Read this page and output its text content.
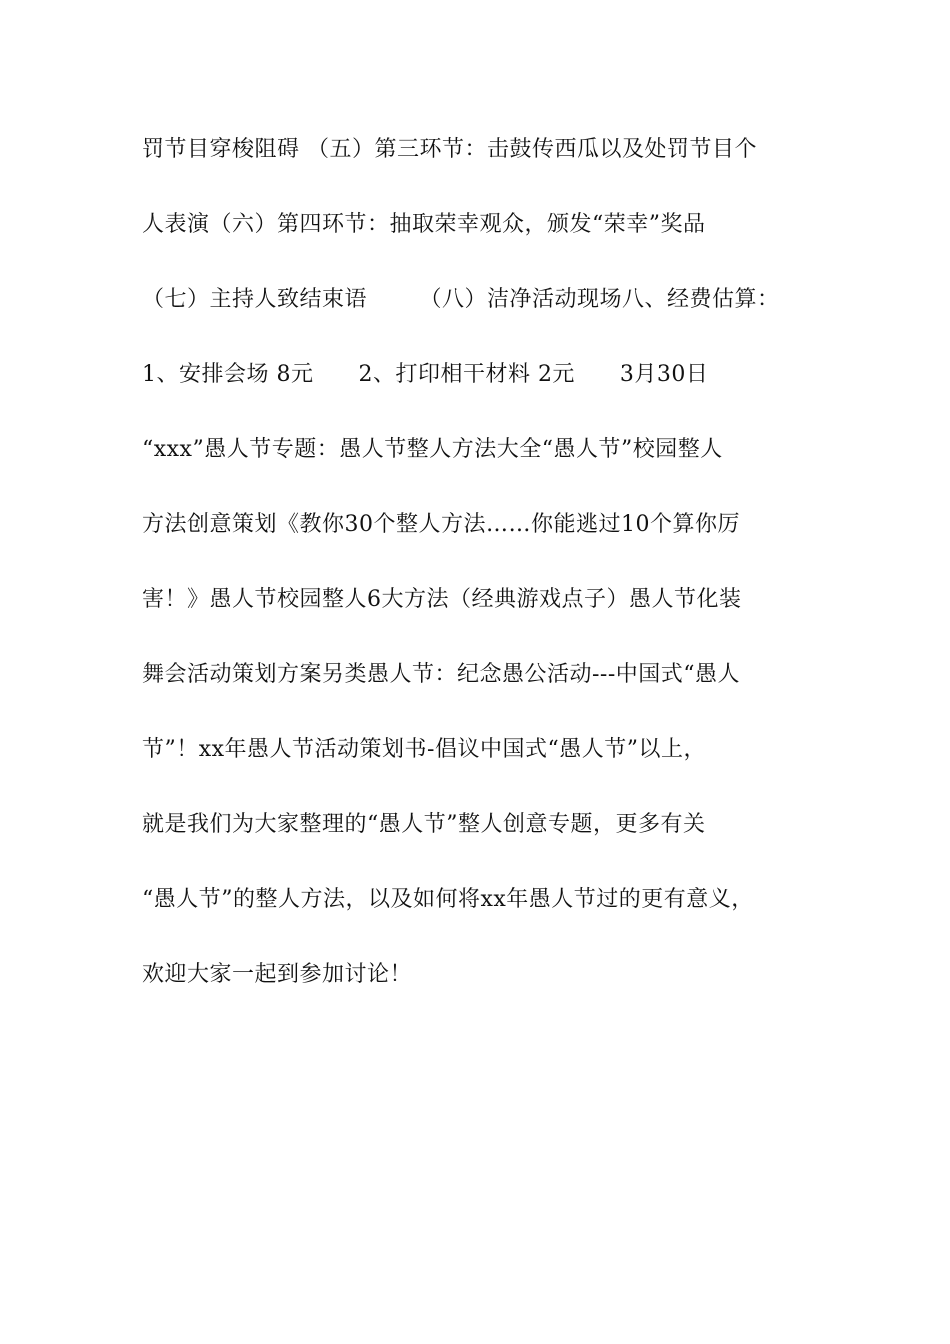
罚节目穿梭阻碍 （五）第三环节：击鼓传西瓜以及处罚节目个
人表演（六）第四环节：抽取荣幸观众，颁发“荣幸”奖品
（七）主持人致结束语       （八）洁净活动现场八、经费估算：
1、安排会场 8元      2、打印相干材料 2元      3月30日
“xxx”愚人节专题：愚人节整人方法大全“愚人节”校园整人
方法创意策划《教你30个整人方法……你能逃过10个算你厉
害！》愚人节校园整人6大方法（经典游戏点子）愚人节化装
舞会活动策划方案另类愚人节：纪念愚公活动---中国式“愚人
节”！xx年愚人节活动策划书-倡议中国式“愚人节”以上，
就是我们为大家整理的“愚人节”整人创意专题，更多有关
“愚人节”的整人方法，以及如何将xx年愚人节过的更有意义，
欢迎大家一起到参加讨论！
